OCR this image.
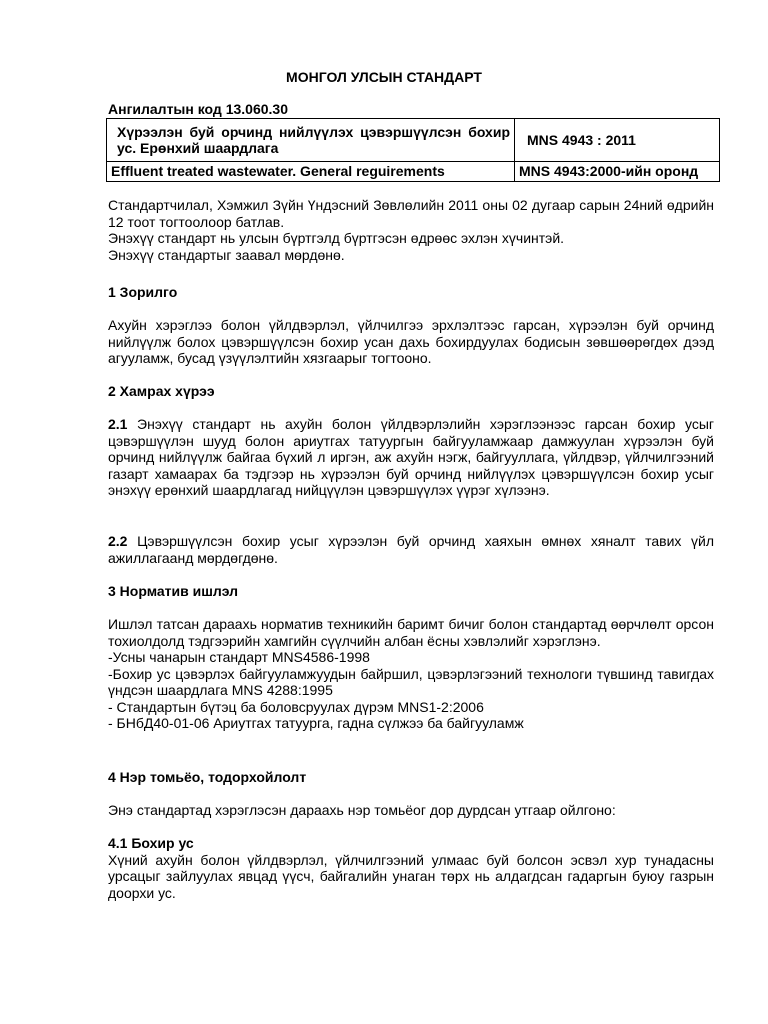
МОНГОЛ УЛСЫН СТАНДАРТ
Ангилалтын код 13.060.30
Хүрээлэн буй орчинд нийлүүлэх цэвэршүүлсэн бохир ус. Ерөнхий шаардлага	MNS 4943 : 2011
Effluent treated wastewater. General reguirements	MNS 4943:2000-ийн оронд

Стандартчилал, Хэмжил Зүйн Үндэсний Зөвлөлийн 2011 оны 02 дугаар сарын 24ний өдрийн 12 тоот тогтоолоор батлав.

Энэхүү стандарт нь улсын бүртгэлд бүртгэсэн өдрөөс эхлэн хүчинтэй.

Энэхүү стандартыг заавал мөрдөнө.

1 Зорилго

Ахуйн хэрэглээ болон үйлдвэрлэл, үйлчилгээ эрхлэлтээс гарсан, хүрээлэн буй орчинд нийлүүлж болох цэвэршүүлсэн бохир усан дахь бохирдуулах бодисын зөвшөөрөгдөх дээд агууламж, бусад үзүүлэлтийн хязгаарыг тогтооно.

2 Хамрах хүрээ

2.1 Энэхүү стандарт нь ахуйн болон үйлдвэрлэлийн хэрэглээнээс гарсан бохир усыг цэвэршүүлэн шууд болон ариутгах татуургын байгууламжаар дамжуулан хүрээлэн буй орчинд нийлүүлж байгаа бүхий л иргэн, аж ахуйн нэгж, байгууллага, үйлдвэр, үйлчилгээний газарт хамаарах ба тэдгээр нь хүрээлэн буй орчинд нийлүүлэх цэвэршүүлсэн бохир усыг энэхүү ерөнхий шаардлагад нийцүүлэн цэвэршүүлэх үүрэг хүлээнэ.

2.2 Цэвэршүүлсэн бохир усыг хүрээлэн буй орчинд хаяхын өмнөх хяналт тавих үйл ажиллагаанд мөрдөгдөнө.

3 Норматив ишлэл

Ишлэл татсан дараахь норматив техникийн баримт бичиг болон стандартад өөрчлөлт орсон тохиолдолд тэдгээрийн хамгийн сүүлчийн албан ёсны хэвлэлийг хэрэглэнэ.

-Усны чанарын стандарт MNS4586-1998

-Бохир ус цэвэрлэх байгууламжуудын байршил, цэвэрлэгээний технологи түвшинд тавигдах үндсэн шаардлага MNS 4288:1995

- Стандартын бүтэц ба боловсруулах дүрэм MNS1-2:2006

- БНбД40-01-06 Ариутгах татуурга, гадна сүлжээ ба байгууламж

4 Нэр томьёо, тодорхойлолт

Энэ стандартад хэрэглэсэн дараахь нэр томьёог дор дурдсан утгаар ойлгоно:

4.1 Бохир ус

Хүний ахуйн болон үйлдвэрлэл, үйлчилгээний улмаас буй болсон эсвэл хур тунадасны урсацыг зайлуулах явцад үүсч, байгалийн унаган төрх нь алдагдсан гадаргын буюу газрын доорхи ус.
